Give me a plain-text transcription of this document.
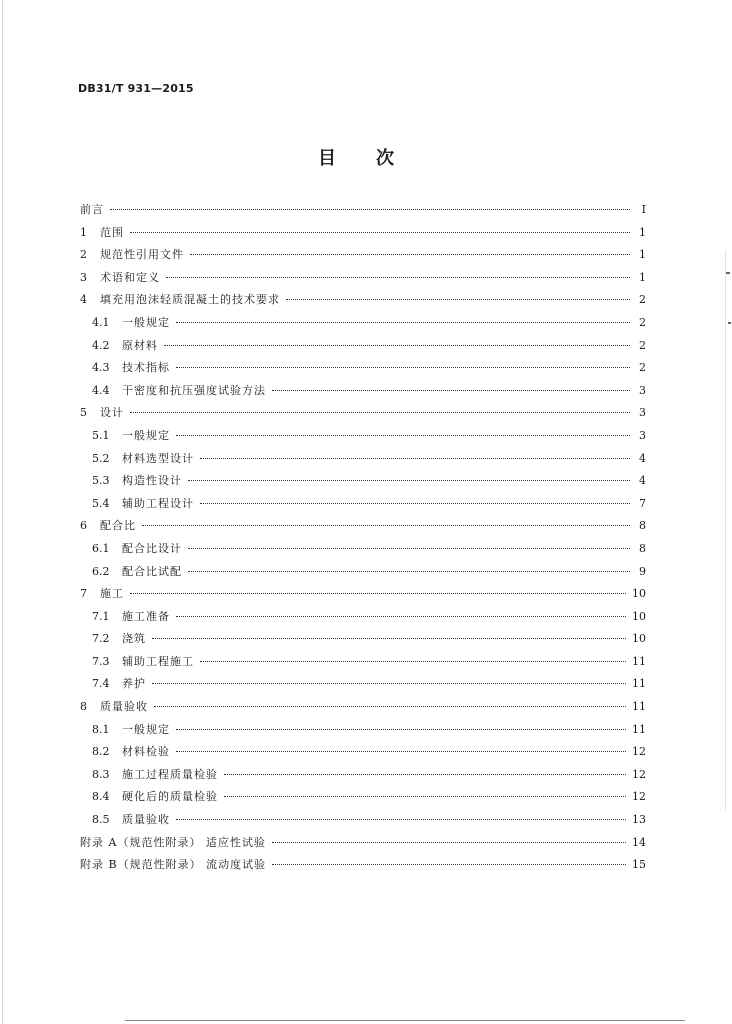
DB31/T 931—2015
目次
前言	I
1	范围	1
2	规范性引用文件	1
3	术语和定义	1
4	填充用泡沫轻质混凝土的技术要求	2
4.1	一般规定	2
4.2	原材料	2
4.3	技术指标	2
4.4	干密度和抗压强度试验方法	3
5	设计	3
5.1	一般规定	3
5.2	材料选型设计	4
5.3	构造性设计	4
5.4	辅助工程设计	7
6	配合比	8
6.1	配合比设计	8
6.2	配合比试配	9
7	施工	10
7.1	施工准备	10
7.2	浇筑	10
7.3	辅助工程施工	11
7.4	养护	11
8	质量验收	11
8.1	一般规定	11
8.2	材料检验	12
8.3	施工过程质量检验	12
8.4	硬化后的质量检验	12
8.5	质量验收	13
附录 A（规范性附录） 适应性试验	14
附录 B（规范性附录） 流动度试验	15
